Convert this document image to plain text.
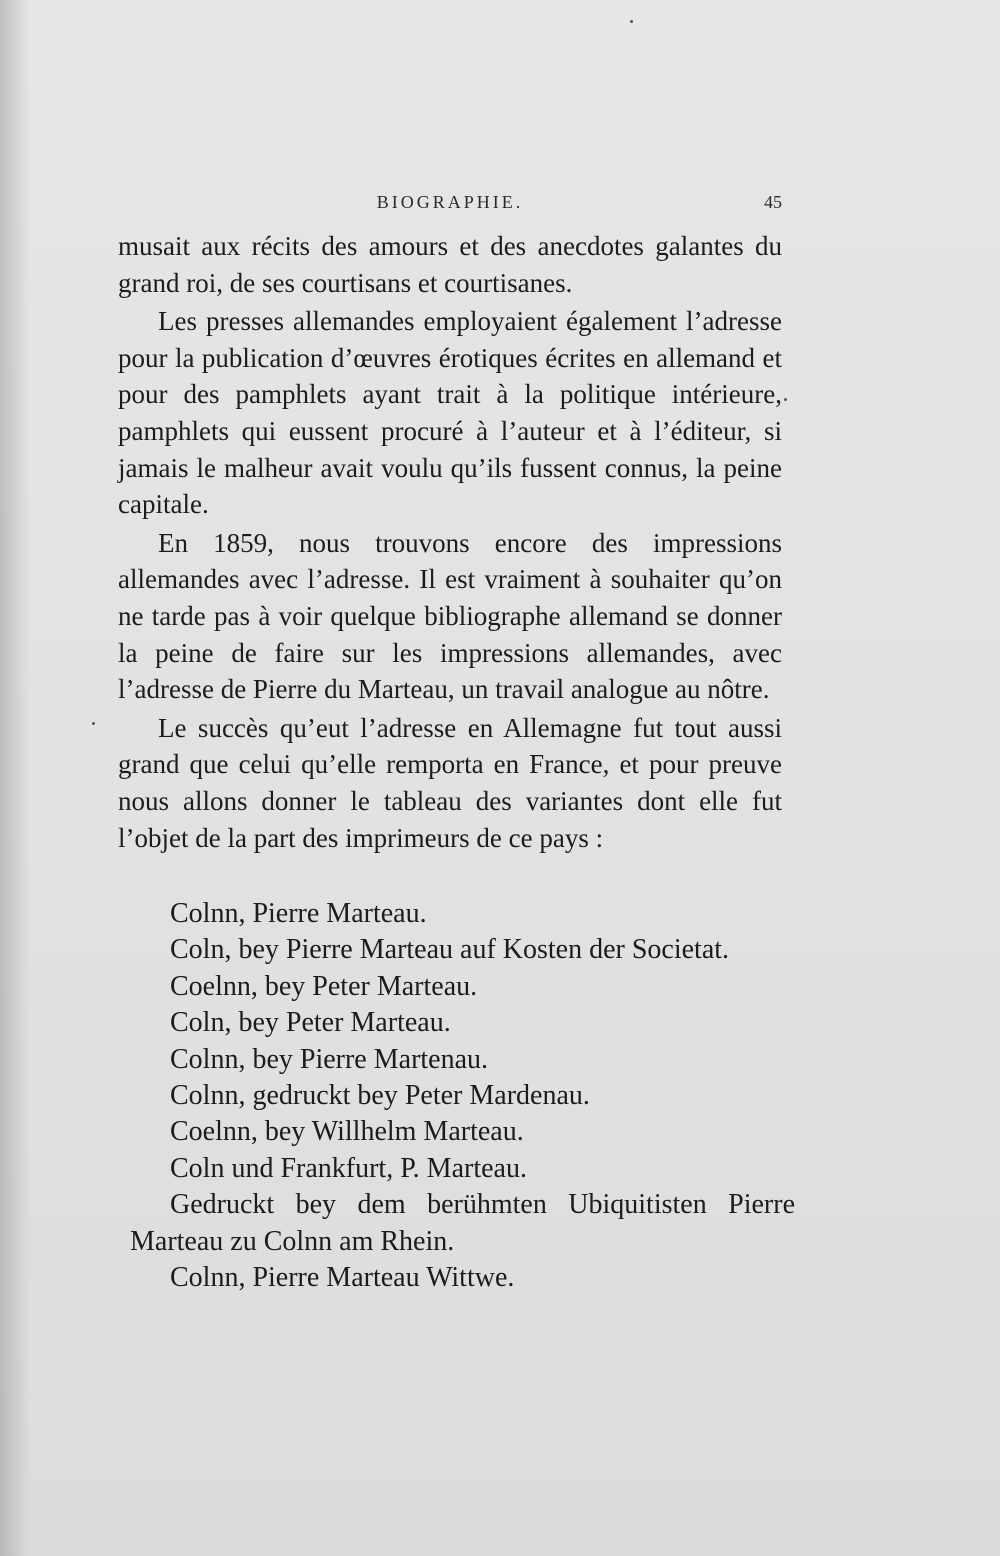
BIOGRAPHIE.	45

musait aux récits des amours et des anecdotes galantes du grand roi, de ses courtisans et courtisanes.

Les presses allemandes employaient également l’adresse pour la publication d’œuvres érotiques écrites en allemand et pour des pamphlets ayant trait à la politique intérieure, pamphlets qui eussent procuré à l’auteur et à l’éditeur, si jamais le malheur avait voulu qu’ils fussent connus, la peine capitale.

En 1859, nous trouvons encore des impressions allemandes avec l’adresse. Il est vraiment à souhaiter qu’on ne tarde pas à voir quelque bibliographe allemand se donner la peine de faire sur les impressions allemandes, avec l’adresse de Pierre du Marteau, un travail analogue au nôtre.

Le succès qu’eut l’adresse en Allemagne fut tout aussi grand que celui qu’elle remporta en France, et pour preuve nous allons donner le tableau des variantes dont elle fut l’objet de la part des imprimeurs de ce pays :

Colnn, Pierre Marteau.
Coln, bey Pierre Marteau auf Kosten der Societat.
Coelnn, bey Peter Marteau.
Coln, bey Peter Marteau.
Colnn, bey Pierre Martenau.
Colnn, gedruckt bey Peter Mardenau.
Coelnn, bey Willhelm Marteau.
Coln und Frankfurt, P. Marteau.
Gedruckt bey dem berühmten Ubiquitisten Pierre Marteau zu Colnn am Rhein.
Colnn, Pierre Marteau Wittwe.
